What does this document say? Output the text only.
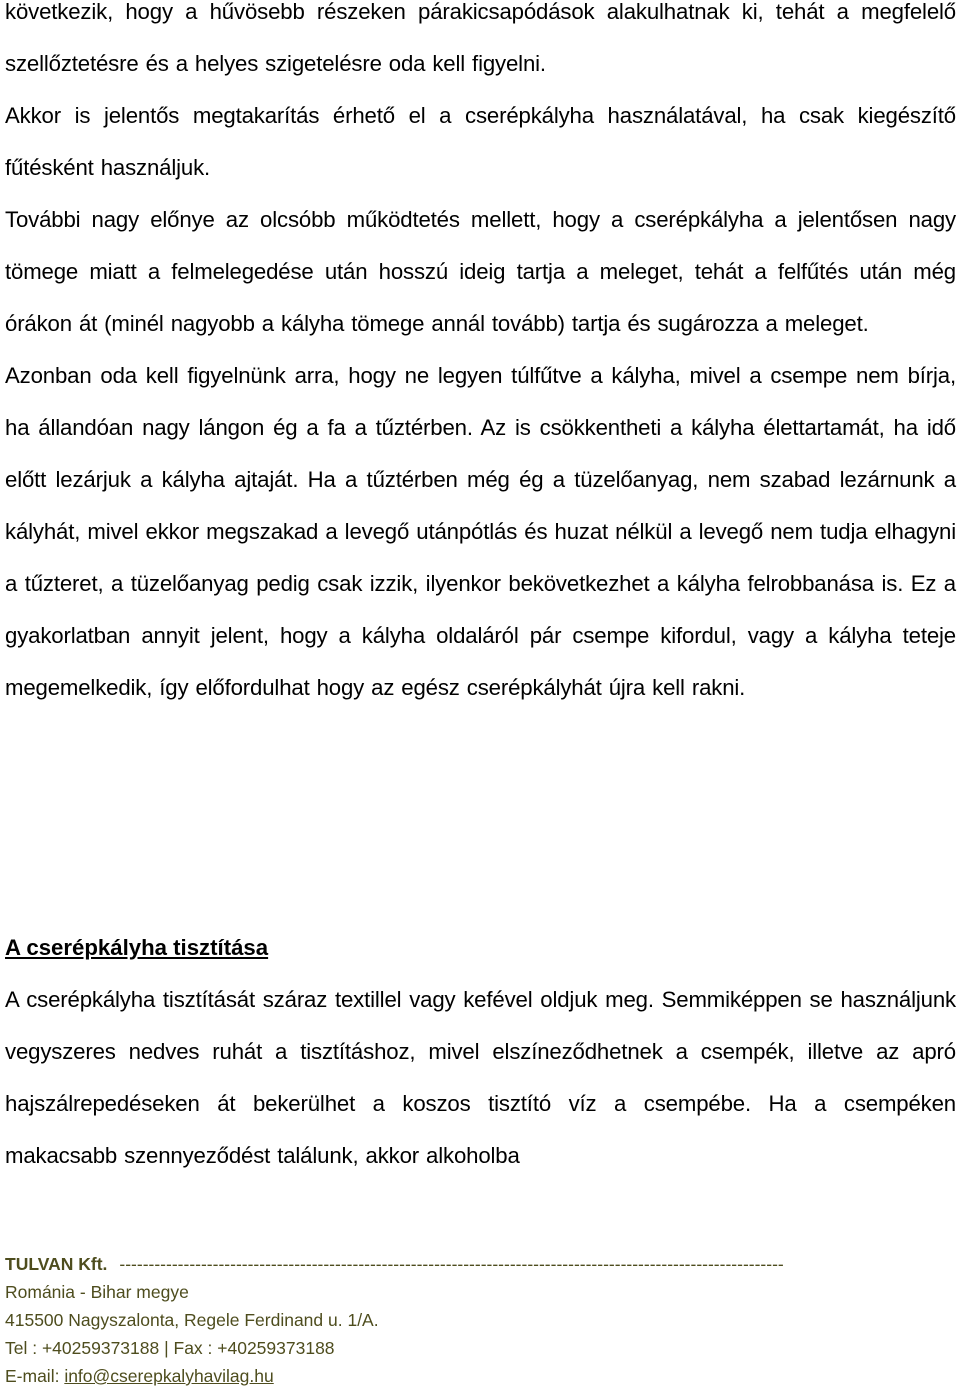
következik, hogy a hűvösebb részeken párakicsapódások alakulhatnak ki, tehát a megfelelő szellőztetésre és a helyes szigetelésre oda kell figyelni.

Akkor is jelentős megtakarítás érhető el a cserépkályha használatával, ha csak kiegészítő fűtésként használjuk.

További nagy előnye az olcsóbb működtetés mellett, hogy a cserépkályha a jelentősen nagy tömege miatt a felmelegedése után hosszú ideig tartja a meleget, tehát a felfűtés után még órákon át (minél nagyobb a kályha tömege annál tovább) tartja és sugározza a meleget.

Azonban oda kell figyelnünk arra, hogy ne legyen túlfűtve a kályha, mivel a csempe nem bírja, ha állandóan nagy lángon ég a fa a tűztérben. Az is csökkentheti a kályha élettartamát, ha idő előtt lezárjuk a kályha ajtaját. Ha a tűztérben még ég a tüzelőanyag, nem szabad lezárnunk a kályhát, mivel ekkor megszakad a levegő utánpótlás és huzat nélkül a levegő nem tudja elhagyni a tűzteret, a tüzelőanyag pedig csak izzik, ilyenkor bekövetkezhet a kályha felrobbanása is. Ez a gyakorlatban annyit jelent, hogy a kályha oldaláról pár csempe kifordul, vagy a kályha teteje megemelkedik, így előfordulhat hogy az egész cserépkályhát újra kell rakni.

A cserépkályha tisztítása

A cserépkályha tisztítását száraz textillel vagy kefével oldjuk meg. Semmiképpen se használjunk vegyszeres nedves ruhát a tisztításhoz, mivel elszíneződhetnek a csempék, illetve az apró hajszálrepedéseken át bekerülhet a koszos tisztító víz a csempébe. Ha a csempéken makacsabb szennyeződést találunk, akkor alkoholba

TULVAN Kft. ------------------------------------------------------------------------------------------------------------------
Románia - Bihar megye
415500 Nagyszalonta, Regele Ferdinand u. 1/A.
Tel : +40259373188 | Fax : +40259373188
E-mail: info@cserepkalyhavilag.hu
